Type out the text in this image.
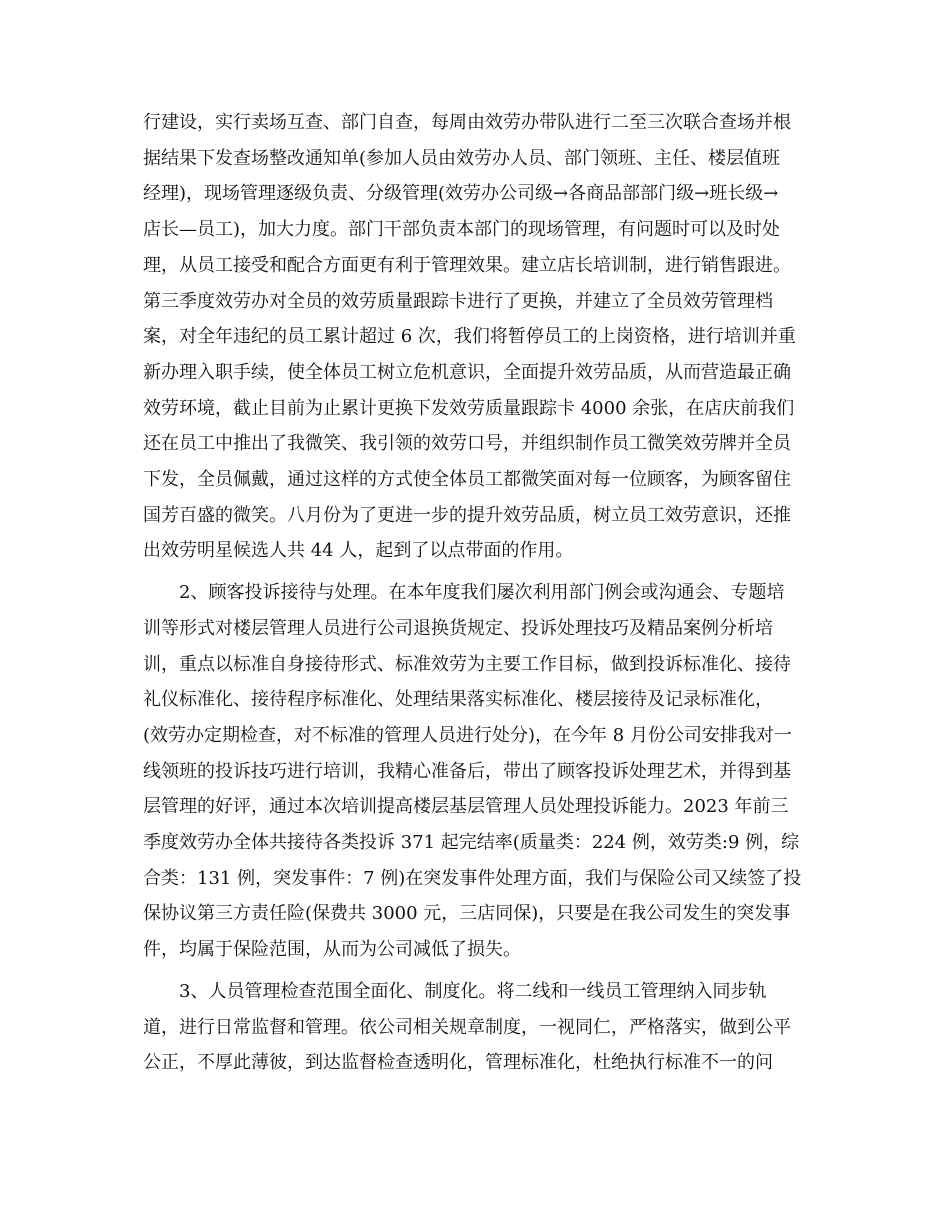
行建设，实行卖场互查、部门自查，每周由效劳办带队进行二至三次联合查场并根
据结果下发查场整改通知单(参加人员由效劳办人员、部门领班、主任、楼层值班
经理)，现场管理逐级负责、分级管理(效劳办公司级→各商品部部门级→班长级→
店长—员工)，加大力度。部门干部负责本部门的现场管理，有问题时可以及时处
理，从员工接受和配合方面更有利于管理效果。建立店长培训制，进行销售跟进。
第三季度效劳办对全员的效劳质量跟踪卡进行了更换，并建立了全员效劳管理档
案，对全年违纪的员工累计超过 6 次，我们将暂停员工的上岗资格，进行培训并重
新办理入职手续，使全体员工树立危机意识，全面提升效劳品质，从而营造最正确
效劳环境，截止目前为止累计更换下发效劳质量跟踪卡 4000 余张，在店庆前我们
还在员工中推出了我微笑、我引领的效劳口号，并组织制作员工微笑效劳牌并全员
下发，全员佩戴，通过这样的方式使全体员工都微笑面对每一位顾客，为顾客留住
国芳百盛的微笑。八月份为了更进一步的提升效劳品质，树立员工效劳意识，还推
出效劳明星候选人共 44 人，起到了以点带面的作用。

2、顾客投诉接待与处理。在本年度我们屡次利用部门例会或沟通会、专题培
训等形式对楼层管理人员进行公司退换货规定、投诉处理技巧及精品案例分析培
训，重点以标准自身接待形式、标准效劳为主要工作目标，做到投诉标准化、接待
礼仪标准化、接待程序标准化、处理结果落实标准化、楼层接待及记录标准化，
(效劳办定期检查，对不标准的管理人员进行处分)，在今年 8 月份公司安排我对一
线领班的投诉技巧进行培训，我精心准备后，带出了顾客投诉处理艺术，并得到基
层管理的好评，通过本次培训提高楼层基层管理人员处理投诉能力。2023 年前三
季度效劳办全体共接待各类投诉 371 起完结率(质量类：224 例，效劳类:9 例，综
合类：131 例，突发事件：7 例)在突发事件处理方面，我们与保险公司又续签了投
保协议第三方责任险(保费共 3000 元，三店同保)，只要是在我公司发生的突发事
件，均属于保险范围，从而为公司减低了损失。

3、人员管理检查范围全面化、制度化。将二线和一线员工管理纳入同步轨
道，进行日常监督和管理。依公司相关规章制度，一视同仁，严格落实，做到公平
公正，不厚此薄彼，到达监督检查透明化，管理标准化，杜绝执行标准不一的问
